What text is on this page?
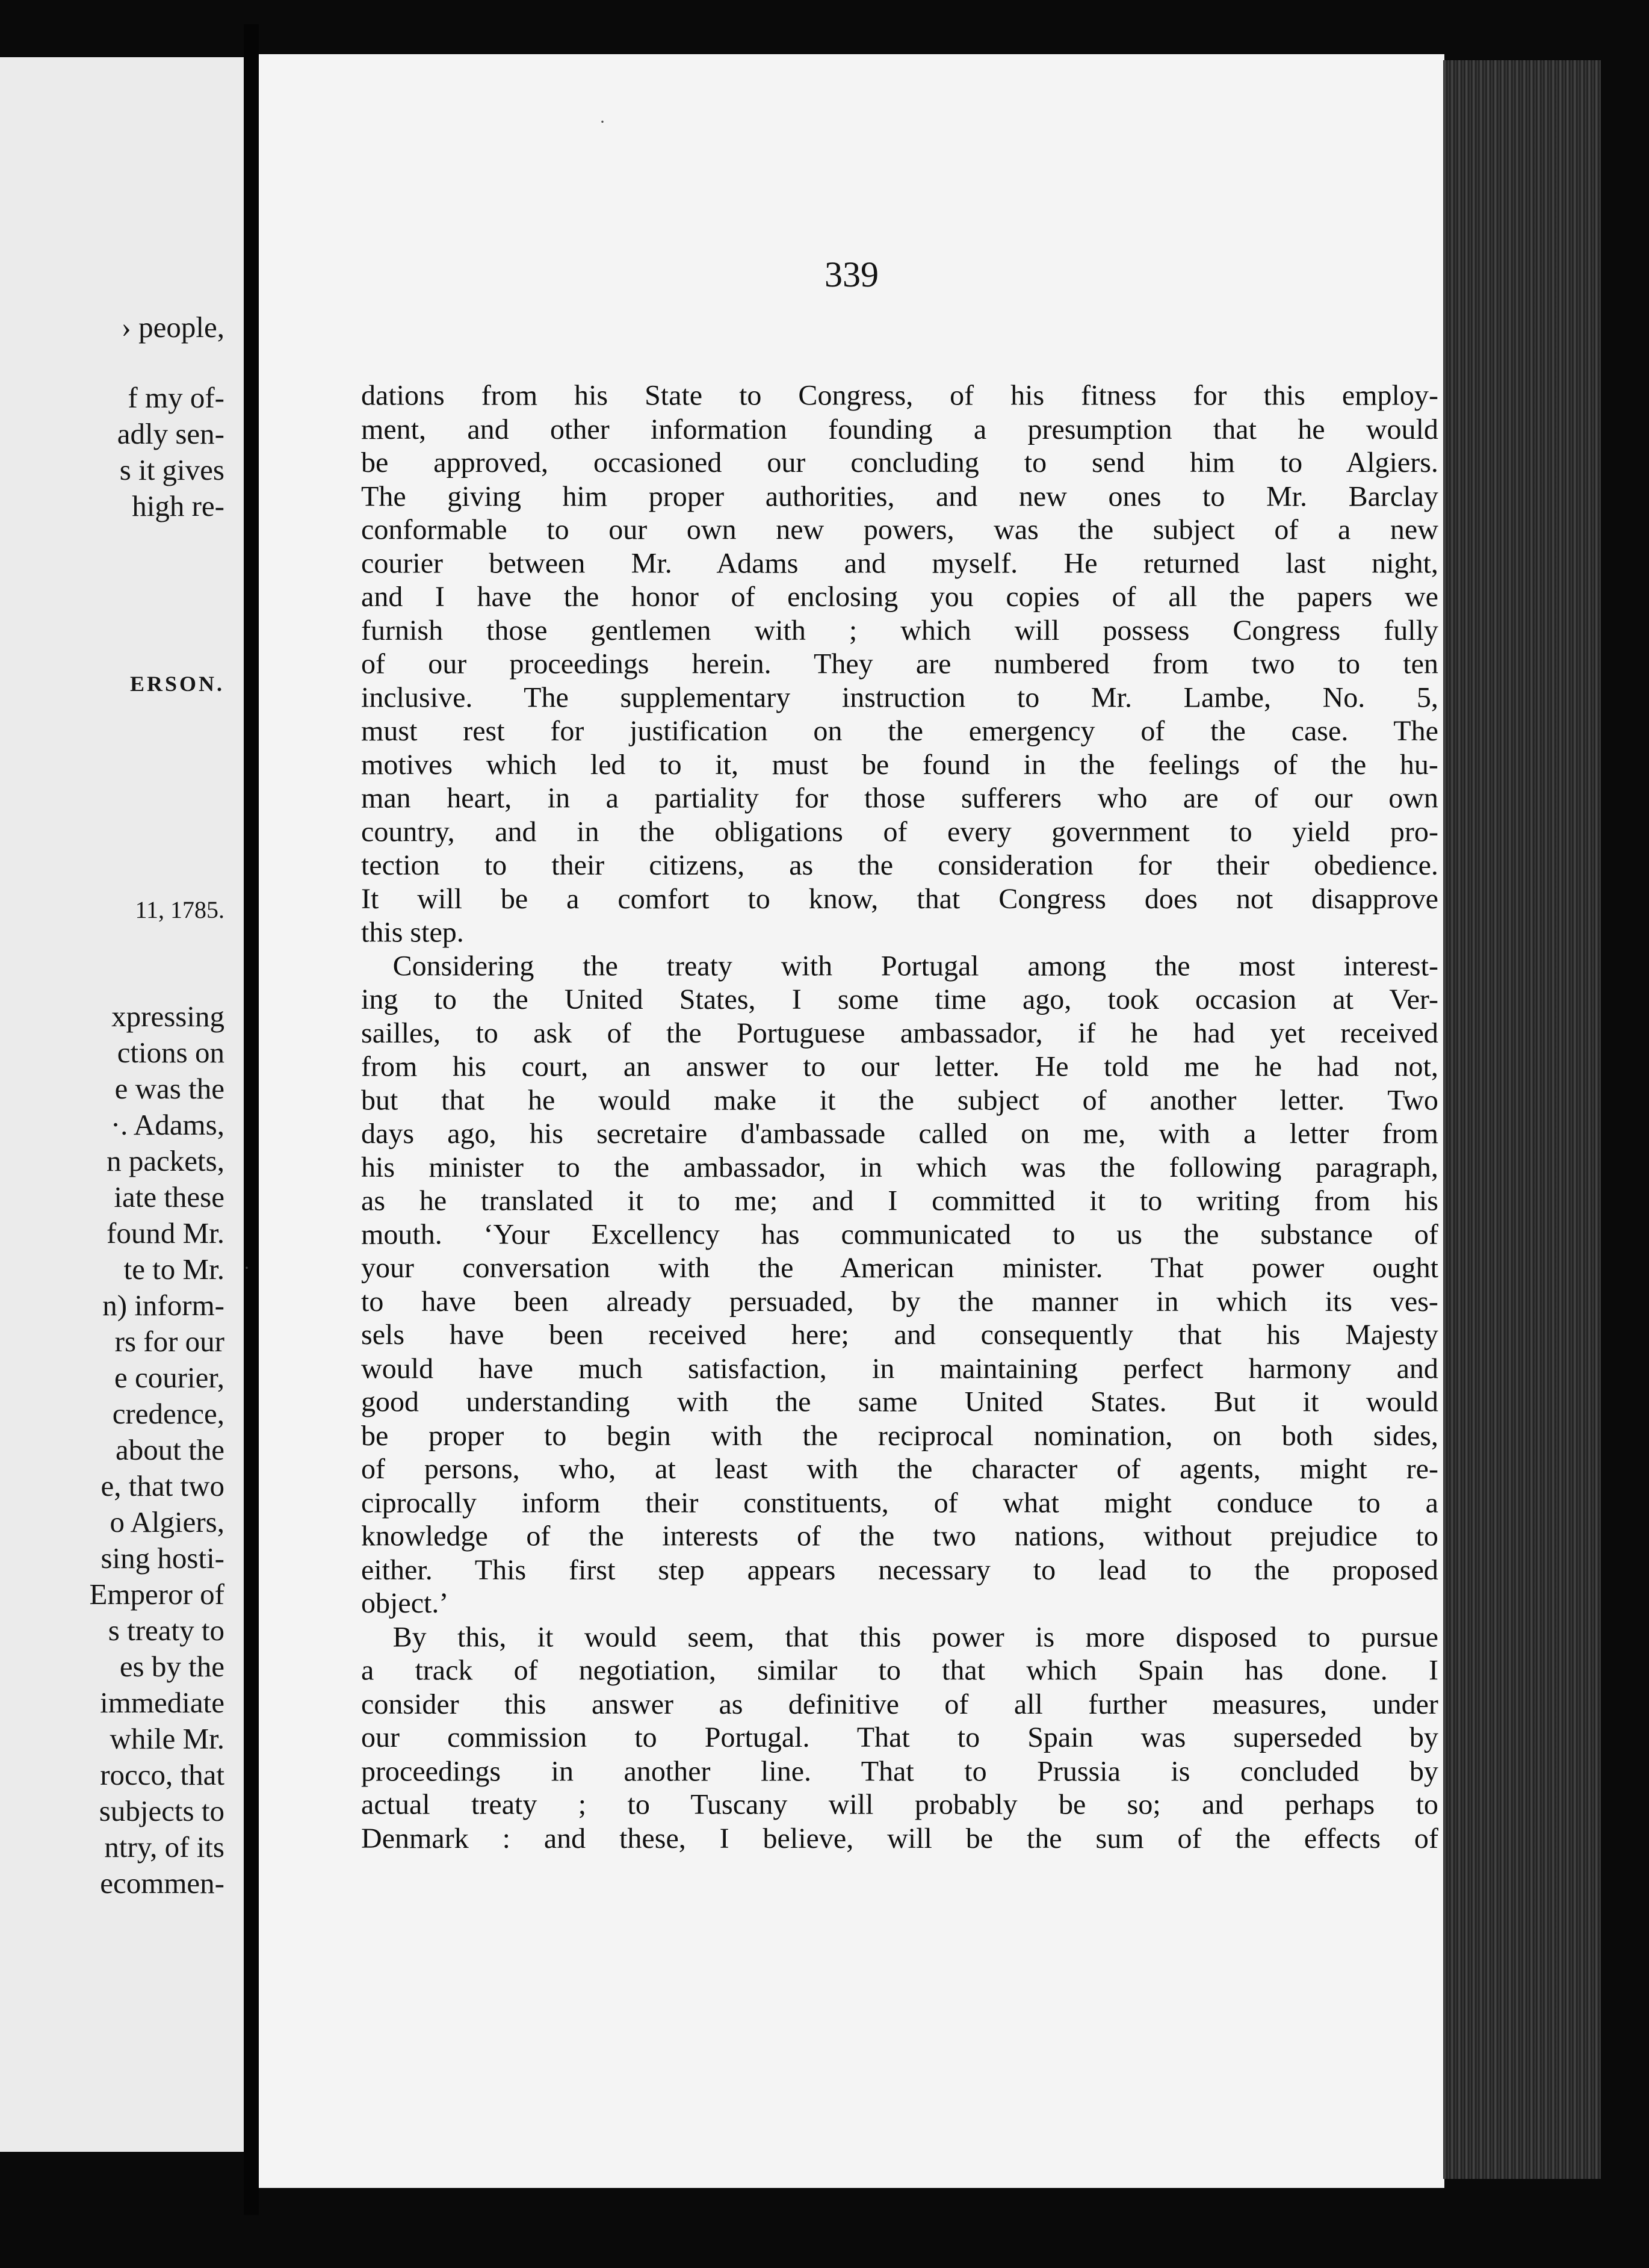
› people,

f my of-

adly sen-

s it gives

high re-

ERSON.

11, 1785.

xpressing

ctions on

e was the

·. Adams,

n packets,

iate these

found Mr.

te to Mr.

n) inform-

rs for our

e courier,

credence,

about the

e, that two

o Algiers,

sing hosti-

Emperor of

s treaty to

es by the

immediate

while Mr.

rocco, that

subjects to

ntry, of its

ecommen-

·
·

339

dations from his State to Congress, of his fitness for this employ-
ment, and other information founding a presumption that he would
be approved, occasioned our concluding to send him to Algiers.
The giving him proper authorities, and new ones to Mr. Barclay
conformable to our own new powers, was the subject of a new
courier between Mr. Adams and myself. He returned last night,
and I have the honor of enclosing you copies of all the papers we
furnish those gentlemen with ; which will possess Congress fully
of our proceedings herein. They are numbered from two to ten
inclusive. The supplementary instruction to Mr. Lambe, No. 5,
must rest for justification on the emergency of the case. The
motives which led to it, must be found in the feelings of the hu-
man heart, in a partiality for those sufferers who are of our own
country, and in the obligations of every government to yield pro-
tection to their citizens, as the consideration for their obedience.
It will be a comfort to know, that Congress does not disapprove
this step.
Considering the treaty with Portugal among the most interest-
ing to the United States, I some time ago, took occasion at Ver-
sailles, to ask of the Portuguese ambassador, if he had yet received
from his court, an answer to our letter. He told me he had not,
but that he would make it the subject of another letter. Two
days ago, his secretaire d'ambassade called on me, with a letter from
his minister to the ambassador, in which was the following paragraph,
as he translated it to me; and I committed it to writing from his
mouth. ‘Your Excellency has communicated to us the substance of
your conversation with the American minister. That power ought
to have been already persuaded, by the manner in which its ves-
sels have been received here; and consequently that his Majesty
would have much satisfaction, in maintaining perfect harmony and
good understanding with the same United States. But it would
be proper to begin with the reciprocal nomination, on both sides,
of persons, who, at least with the character of agents, might re-
ciprocally inform their constituents, of what might conduce to a
knowledge of the interests of the two nations, without prejudice to
either. This first step appears necessary to lead to the proposed
object.’
By this, it would seem, that this power is more disposed to pursue
a track of negotiation, similar to that which Spain has done. I
consider this answer as definitive of all further measures, under
our commission to Portugal. That to Spain was superseded by
proceedings in another line. That to Prussia is concluded by
actual treaty ; to Tuscany will probably be so; and perhaps to
Denmark : and these, I believe, will be the sum of the effects of
